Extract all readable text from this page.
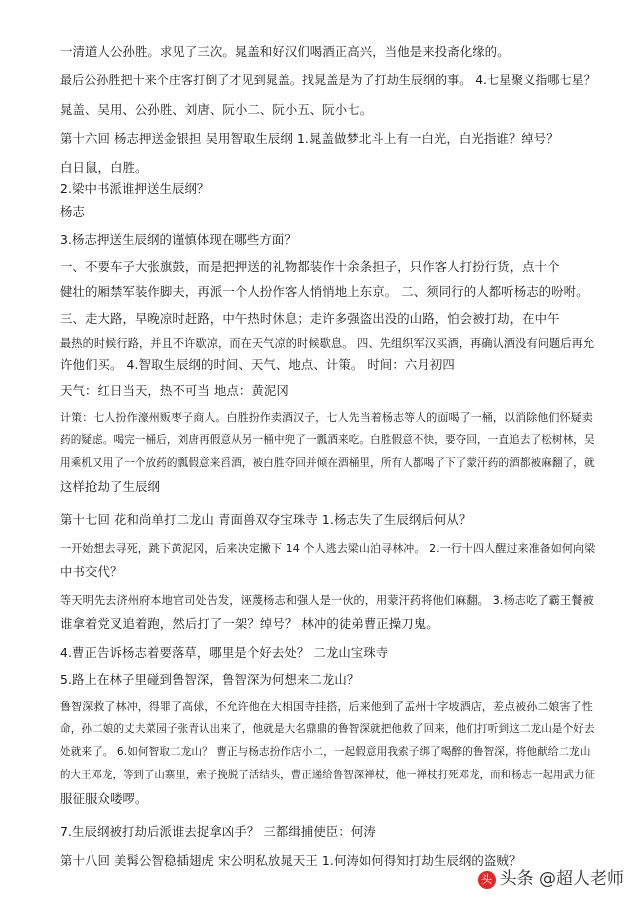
一清道人公孙胜。求见了三次。晁盖和好汉们喝酒正高兴，当他是来投斋化缘的。
最后公孙胜把十来个庄客打倒了才见到晁盖。找晁盖是为了打劫生辰纲的事。 4.七星聚义指哪七星？
晁盖、吴用、公孙胜、刘唐、阮小二、阮小五、阮小七。
第十六回 杨志押送金银担 吴用智取生辰纲 1.晁盖做梦北斗上有一白光，白光指谁？绰号？
白日鼠，白胜。
2.梁中书派谁押送生辰纲？
杨志
3.杨志押送生辰纲的谨慎体现在哪些方面？
一、不要车子大张旗鼓，而是把押送的礼物都装作十余条担子，只作客人打扮行货，点十个
健壮的厢禁军装作脚夫，再派一个人扮作客人悄悄地上东京。 二、须同行的人都听杨志的吩咐。
三、走大路，早晚凉时赶路，中午热时休息；走许多强盗出没的山路，怕会被打劫，在中午
最热的时候行路，并且不许歇凉，而在天气凉的时候歇息。 四、先组织军汉买酒，再确认酒没有问题后再允
许他们买。 4.智取生辰纲的时间、天气、地点、计策。 时间：六月初四
天气：红日当天，热不可当 地点：黄泥冈
计策：七人扮作濠州贩枣子商人。白胜扮作卖酒汉子，七人先当着杨志等人的面喝了一桶，以消除他们怀疑卖
药的疑虑。喝完一桶后，刘唐再假意从另一桶中兜了一瓢酒来吃。白胜假意不快，要夺回，一直追去了松树林，吴
用乘机又用了一个放药的瓢假意来舀酒，被白胜夺回并倾在酒桶里，所有人都喝了下了蒙汗药的酒都被麻翻了，就
这样抢劫了生辰纲
第十七回 花和尚单打二龙山 青面兽双夺宝珠寺 1.杨志失了生辰纲后何从？
一开始想去寻死，跳下黄泥冈，后来决定撇下 14 个人逃去梁山泊寻林冲。 2.一行十四人醒过来准备如何向梁
中书交代？
等天明先去济州府本地官司处告发，诬蔑杨志和强人是一伙的，用蒙汗药将他们麻翻。 3.杨志吃了霸王餐被
谁拿着党叉追着跑，然后打了一架？绰号？ 林冲的徒弟曹正操刀鬼。
4.曹正告诉杨志着要落草，哪里是个好去处？ 二龙山宝珠寺
5.路上在林子里碰到鲁智深，鲁智深为何想来二龙山？
鲁智深救了林冲，得罪了高俅，不允许他在大相国寺挂搭，后来他到了孟州十字坡酒店，差点被孙二娘害了性
命，孙二娘的丈夫菜园子张青认出来了，他就是大名鼎鼎的鲁智深就把他救了回来，他们打听到这二龙山是个好去
处就来了。 6.如何智取二龙山？ 曹正与杨志扮作店小二，一起假意用我索子绑了喝醉的鲁智深，将他献给二龙山
的大王邓龙，等到了山寨里，索子挽脱了活结头，曹正递给鲁智深禅杖，他一禅杖打死邓龙，而和杨志一起用武力征
服征服众喽啰。
7.生辰纲被打劫后派谁去捉拿凶手？ 三都缉捕使臣：何涛
第十八回 美髯公智稳插翅虎 宋公明私放晁天王 1.何涛如何得知打劫生辰纲的盗贼？
头 头条 @超人老师
